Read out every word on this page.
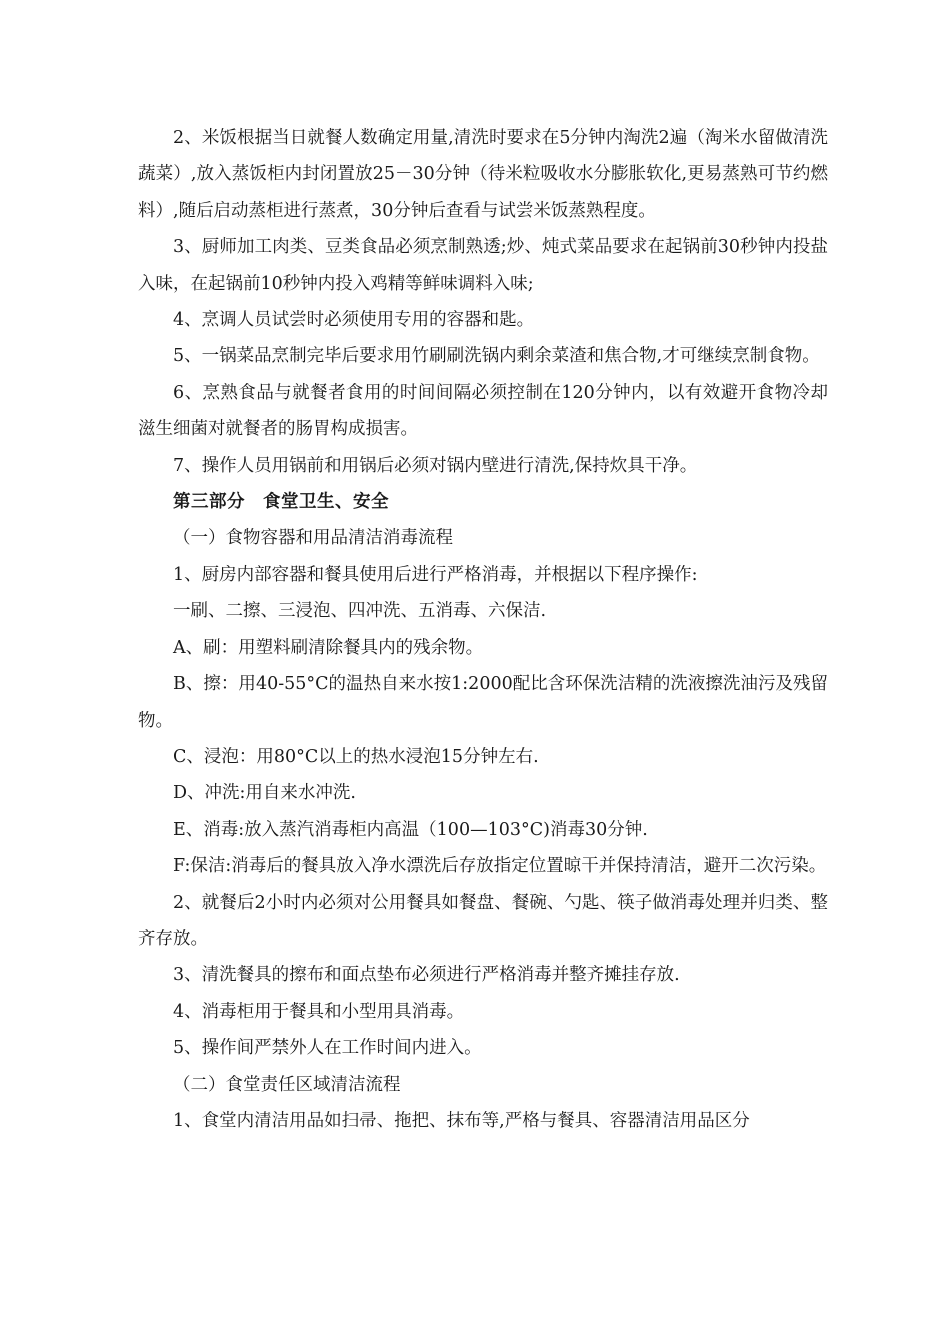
2、米饭根据当日就餐人数确定用量,清洗时要求在5分钟内淘洗2遍（淘米水留做清洗蔬菜）,放入蒸饭柜内封闭置放25－30分钟（待米粒吸收水分膨胀软化,更易蒸熟可节约燃料）,随后启动蒸柜进行蒸煮，30分钟后查看与试尝米饭蒸熟程度。

3、厨师加工肉类、豆类食品必须烹制熟透;炒、炖式菜品要求在起锅前30秒钟内投盐入味，在起锅前10秒钟内投入鸡精等鲜味调料入味;

4、烹调人员试尝时必须使用专用的容器和匙。

5、一锅菜品烹制完毕后要求用竹刷刷洗锅内剩余菜渣和焦合物,才可继续烹制食物。

6、烹熟食品与就餐者食用的时间间隔必须控制在120分钟内，以有效避开食物冷却滋生细菌对就餐者的肠胃构成损害。

7、操作人员用锅前和用锅后必须对锅内壁进行清洗,保持炊具干净。

第三部分　食堂卫生、安全

（一）食物容器和用品清洁消毒流程

1、厨房内部容器和餐具使用后进行严格消毒，并根据以下程序操作:

一刷、二擦、三浸泡、四冲洗、五消毒、六保洁.

A、刷：用塑料刷清除餐具内的残余物。

B、擦：用40-55°C的温热自来水按1:2000配比含环保洗洁精的洗液擦洗油污及残留物。

C、浸泡：用80°C以上的热水浸泡15分钟左右.

D、冲洗:用自来水冲洗.

E、消毒:放入蒸汽消毒柜内高温（100—103°C)消毒30分钟.

F:保洁:消毒后的餐具放入净水漂洗后存放指定位置晾干并保持清洁，避开二次污染。

2、就餐后2小时内必须对公用餐具如餐盘、餐碗、勺匙、筷子做消毒处理并归类、整齐存放。

3、清洗餐具的擦布和面点垫布必须进行严格消毒并整齐摊挂存放.

4、消毒柜用于餐具和小型用具消毒。

5、操作间严禁外人在工作时间内进入。

（二）食堂责任区域清洁流程

1、食堂内清洁用品如扫帚、拖把、抹布等,严格与餐具、容器清洁用品区分
